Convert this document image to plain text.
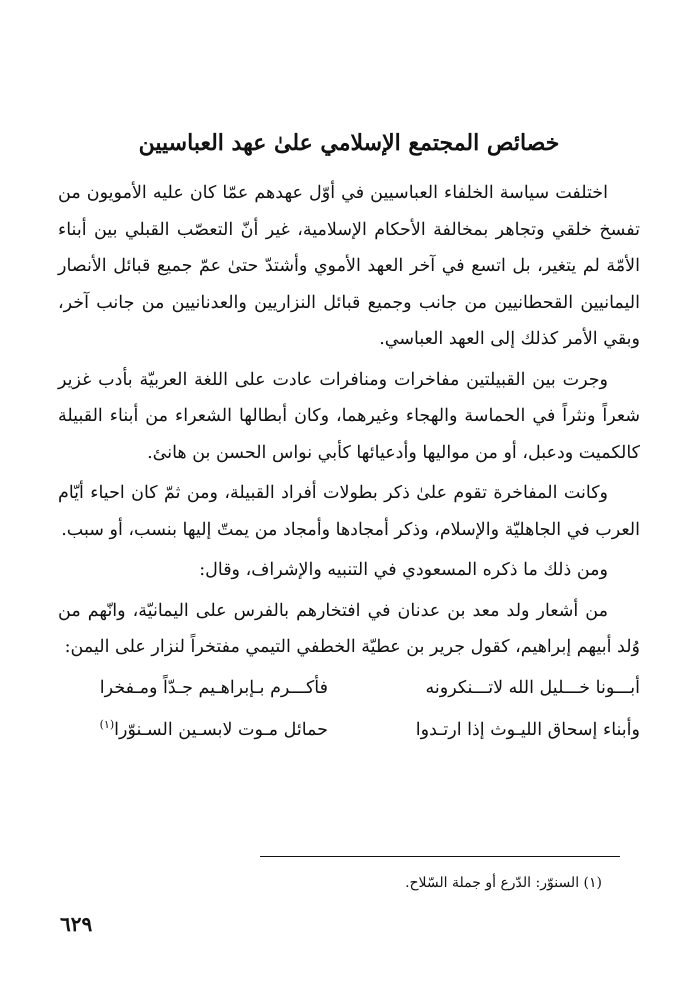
خصائص المجتمع الإسلامي علىٰ عهد العباسيين

اختلفت سياسة الخلفاء العباسيين في أوّل عهدهم عمّا كان عليه الأمويون من تفسخ خلقي وتجاهر بمخالفة الأحكام الإسلامية، غير أنّ التعصّب القبلي بين أبناء الأمّة لم يتغير، بل اتسع في آخر العهد الأموي وأشتدّ حتىٰ عمّ جميع قبائل الأنصار اليمانيين القحطانيين من جانب وجميع قبائل النزاريين والعدنانيين من جانب آخر، وبقي الأمر كذلك إلى العهد العباسي.

وجرت بين القبيلتين مفاخرات ومنافرات عادت على اللغة العربيّة بأدب غزير شعراً ونثراً في الحماسة والهجاء وغيرهما، وكان أبطالها الشعراء من أبناء القبيلة كالكميت ودعبل، أو من مواليها وأدعيائها كأبي نواس الحسن بن هانئ.

وكانت المفاخرة تقوم علىٰ ذكر بطولات أفراد القبيلة، ومن ثمّ كان احياء أيّام العرب في الجاهليّة والإسلام، وذكر أمجادها وأمجاد من يمتّ إليها بنسب، أو سبب.

ومن ذلك ما ذكره المسعودي في التنبيه والإشراف، وقال:

من أشعار ولد معد بن عدنان في افتخارهم بالفرس على اليمانيّة، وانّهم من وُلد أبيهم إبراهيم، كقول جرير بن عطيّة الخطفي التيمي مفتخراً لنزار على اليمن:

أبـــونا خـــليل الله لاتـــنكرونه
فأكـــرم بـإبراهـيم جـدّاً ومـفخرا
وأبناء إسحاق الليـوث إذا ارتـدوا
حمائل مـوت لابسـين السـنوّرا$^{(١)}$
(١) السنوّر: الدّرع أو جملة السّلاح.
٦٢٩
